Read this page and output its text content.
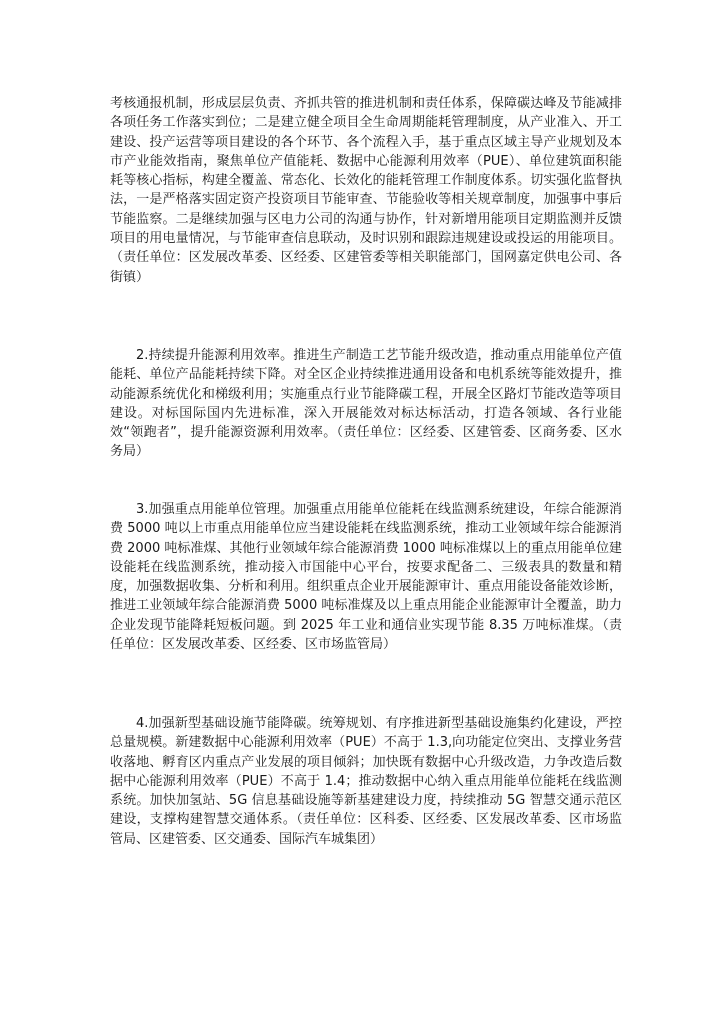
考核通报机制，形成层层负责、齐抓共管的推进机制和责任体系，保障碳达峰及节能减排各项任务工作落实到位；二是建立健全项目全生命周期能耗管理制度，从产业准入、开工建设、投产运营等项目建设的各个环节、各个流程入手，基于重点区域主导产业规划及本市产业能效指南，聚焦单位产值能耗、数据中心能源利用效率（PUE）、单位建筑面积能耗等核心指标，构建全覆盖、常态化、长效化的能耗管理工作制度体系。切实强化监督执法，一是严格落实固定资产投资项目节能审查、节能验收等相关规章制度，加强事中事后节能监察。二是继续加强与区电力公司的沟通与协作，针对新增用能项目定期监测并反馈项目的用电量情况，与节能审查信息联动，及时识别和跟踪违规建设或投运的用能项目。（责任单位：区发展改革委、区经委、区建管委等相关职能部门，国网嘉定供电公司、各街镇）

2.持续提升能源利用效率。推进生产制造工艺节能升级改造，推动重点用能单位产值能耗、单位产品能耗持续下降。对全区企业持续推进通用设备和电机系统等能效提升，推动能源系统优化和梯级利用；实施重点行业节能降碳工程，开展全区路灯节能改造等项目建设。对标国际国内先进标准，深入开展能效对标达标活动，打造各领域、各行业能效“领跑者”，提升能源资源利用效率。（责任单位：区经委、区建管委、区商务委、区水务局）

3.加强重点用能单位管理。加强重点用能单位能耗在线监测系统建设，年综合能源消费 5000 吨以上市重点用能单位应当建设能耗在线监测系统，推动工业领域年综合能源消费 2000 吨标准煤、其他行业领域年综合能源消费 1000 吨标准煤以上的重点用能单位建设能耗在线监测系统，推动接入市国能中心平台，按要求配备二、三级表具的数量和精度，加强数据收集、分析和利用。组织重点企业开展能源审计、重点用能设备能效诊断，推进工业领域年综合能源消费 5000 吨标准煤及以上重点用能企业能源审计全覆盖，助力企业发现节能降耗短板问题。到 2025 年工业和通信业实现节能 8.35 万吨标准煤。（责任单位：区发展改革委、区经委、区市场监管局）

4.加强新型基础设施节能降碳。统筹规划、有序推进新型基础设施集约化建设，严控总量规模。新建数据中心能源利用效率（PUE）不高于 1.3,向功能定位突出、支撑业务营收落地、孵育区内重点产业发展的项目倾斜；加快既有数据中心升级改造，力争改造后数据中心能源利用效率（PUE）不高于 1.4；推动数据中心纳入重点用能单位能耗在线监测系统。加快加氢站、5G 信息基础设施等新基建建设力度，持续推动 5G 智慧交通示范区建设，支撑构建智慧交通体系。（责任单位：区科委、区经委、区发展改革委、区市场监管局、区建管委、区交通委、国际汽车城集团）
